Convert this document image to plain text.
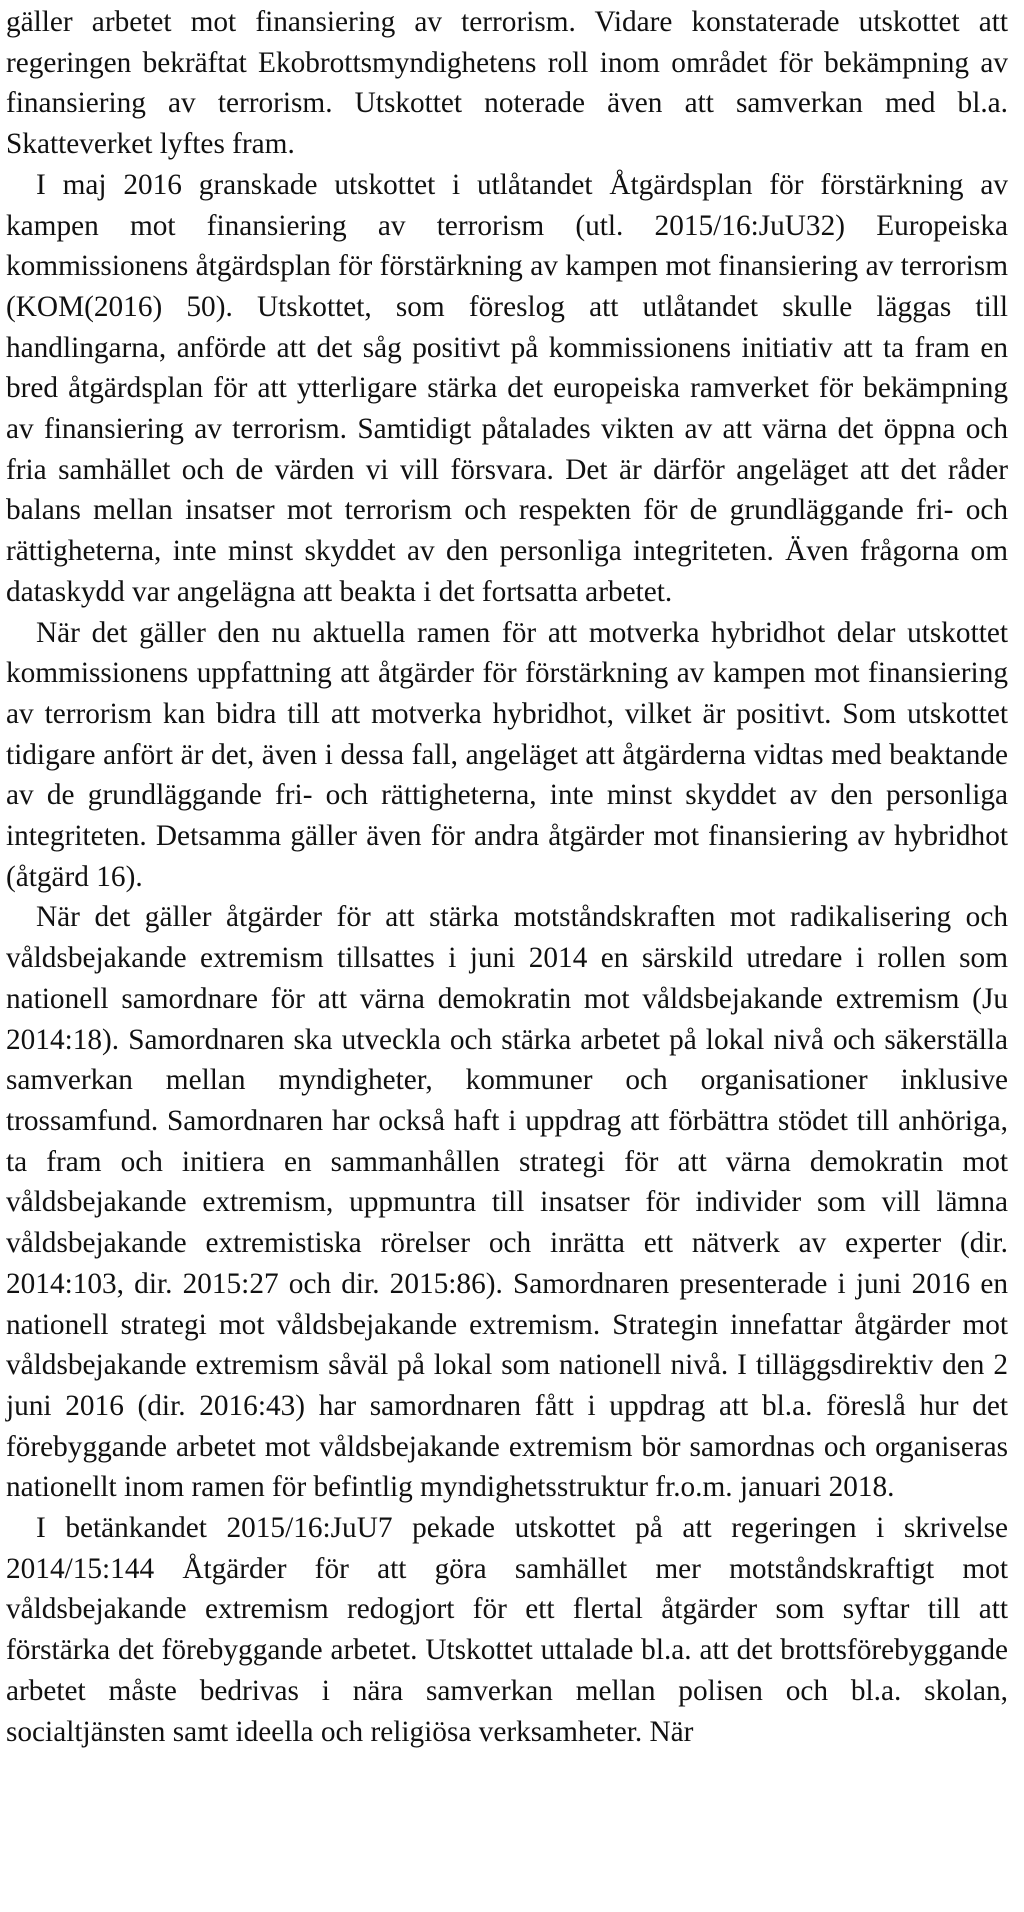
gäller arbetet mot finansiering av terrorism. Vidare konstaterade utskottet att regeringen bekräftat Ekobrottsmyndighetens roll inom området för bekämpning av finansiering av terrorism. Utskottet noterade även att samverkan med bl.a. Skatteverket lyftes fram.

I maj 2016 granskade utskottet i utlåtandet Åtgärdsplan för förstärkning av kampen mot finansiering av terrorism (utl. 2015/16:JuU32) Europeiska kommissionens åtgärdsplan för förstärkning av kampen mot finansiering av terrorism (KOM(2016) 50). Utskottet, som föreslog att utlåtandet skulle läggas till handlingarna, anförde att det såg positivt på kommissionens initiativ att ta fram en bred åtgärdsplan för att ytterligare stärka det europeiska ramverket för bekämpning av finansiering av terrorism. Samtidigt påtalades vikten av att värna det öppna och fria samhället och de värden vi vill försvara. Det är därför angeläget att det råder balans mellan insatser mot terrorism och respekten för de grundläggande fri- och rättigheterna, inte minst skyddet av den personliga integriteten. Även frågorna om dataskydd var angelägna att beakta i det fortsatta arbetet.

När det gäller den nu aktuella ramen för att motverka hybridhot delar utskottet kommissionens uppfattning att åtgärder för förstärkning av kampen mot finansiering av terrorism kan bidra till att motverka hybridhot, vilket är positivt. Som utskottet tidigare anfört är det, även i dessa fall, angeläget att åtgärderna vidtas med beaktande av de grundläggande fri- och rättigheterna, inte minst skyddet av den personliga integriteten. Detsamma gäller även för andra åtgärder mot finansiering av hybridhot (åtgärd 16).

När det gäller åtgärder för att stärka motståndskraften mot radikalisering och våldsbejakande extremism tillsattes i juni 2014 en särskild utredare i rollen som nationell samordnare för att värna demokratin mot våldsbejakande extremism (Ju 2014:18). Samordnaren ska utveckla och stärka arbetet på lokal nivå och säkerställa samverkan mellan myndigheter, kommuner och organisationer inklusive trossamfund. Samordnaren har också haft i uppdrag att förbättra stödet till anhöriga, ta fram och initiera en sammanhållen strategi för att värna demokratin mot våldsbejakande extremism, uppmuntra till insatser för individer som vill lämna våldsbejakande extremistiska rörelser och inrätta ett nätverk av experter (dir. 2014:103, dir. 2015:27 och dir. 2015:86). Samordnaren presenterade i juni 2016 en nationell strategi mot våldsbejakande extremism. Strategin innefattar åtgärder mot våldsbejakande extremism såväl på lokal som nationell nivå. I tilläggsdirektiv den 2 juni 2016 (dir. 2016:43) har samordnaren fått i uppdrag att bl.a. föreslå hur det förebyggande arbetet mot våldsbejakande extremism bör samordnas och organiseras nationellt inom ramen för befintlig myndighetsstruktur fr.o.m. januari 2018.

I betänkandet 2015/16:JuU7 pekade utskottet på att regeringen i skrivelse 2014/15:144 Åtgärder för att göra samhället mer motståndskraftigt mot våldsbejakande extremism redogjort för ett flertal åtgärder som syftar till att förstärka det förebyggande arbetet. Utskottet uttalade bl.a. att det brottsförebyggande arbetet måste bedrivas i nära samverkan mellan polisen och bl.a. skolan, socialtjänsten samt ideella och religiösa verksamheter. När
